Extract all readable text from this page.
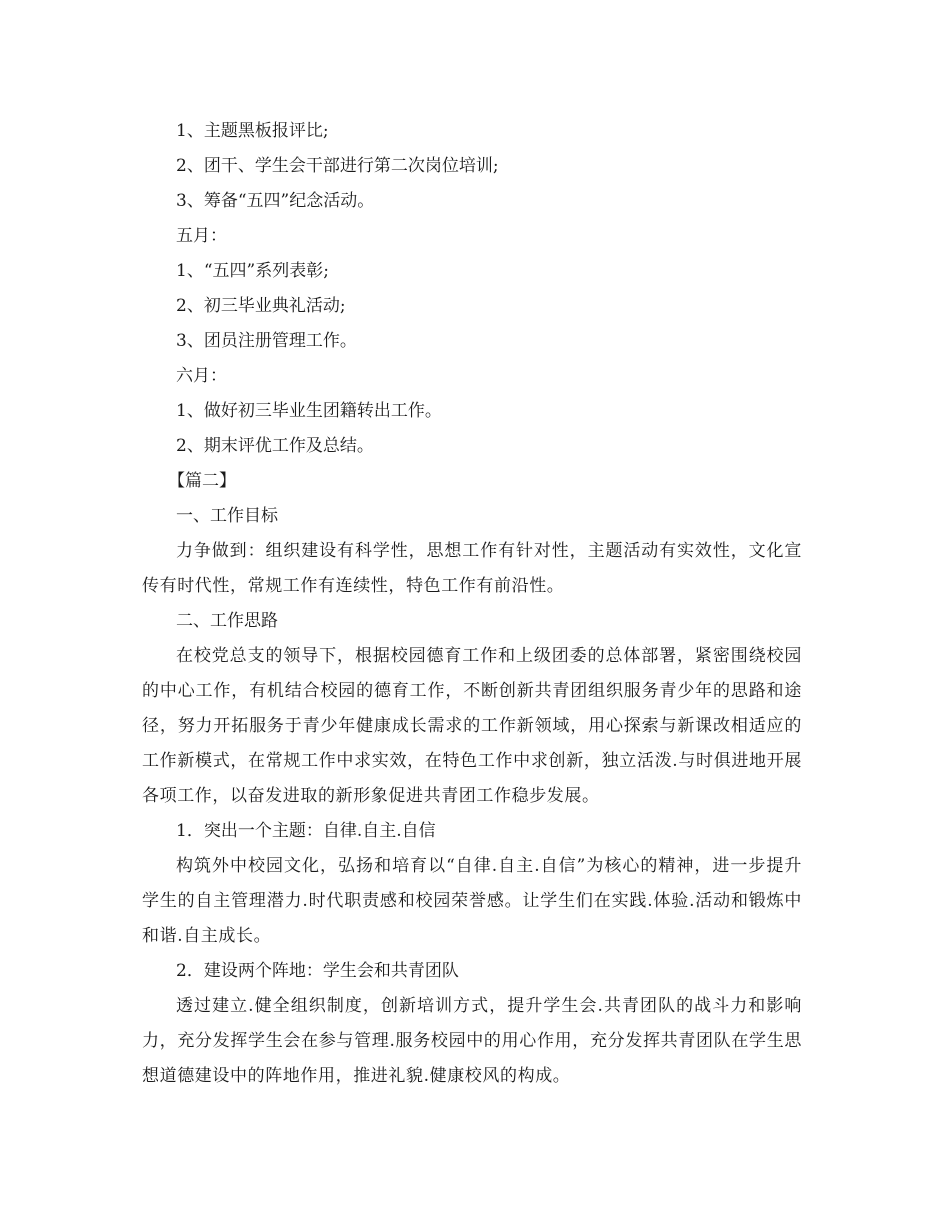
1、主题黑板报评比;

2、团干、学生会干部进行第二次岗位培训;

3、筹备“五四”纪念活动。

五月：

1、“五四”系列表彰;

2、初三毕业典礼活动;

3、团员注册管理工作。

六月：

1、做好初三毕业生团籍转出工作。

2、期末评优工作及总结。

【篇二】

一、工作目标

力争做到：组织建设有科学性，思想工作有针对性，主题活动有实效性，文化宣传有时代性，常规工作有连续性，特色工作有前沿性。

二、工作思路

在校党总支的领导下，根据校园德育工作和上级团委的总体部署，紧密围绕校园的中心工作，有机结合校园的德育工作，不断创新共青团组织服务青少年的思路和途径，努力开拓服务于青少年健康成长需求的工作新领域，用心探索与新课改相适应的工作新模式，在常规工作中求实效，在特色工作中求创新，独立活泼.与时俱进地开展各项工作，以奋发进取的新形象促进共青团工作稳步发展。

1．突出一个主题：自律.自主.自信

构筑外中校园文化，弘扬和培育以“自律.自主.自信”为核心的精神，进一步提升学生的自主管理潜力.时代职责感和校园荣誉感。让学生们在实践.体验.活动和锻炼中和谐.自主成长。

2．建设两个阵地：学生会和共青团队

透过建立.健全组织制度，创新培训方式，提升学生会.共青团队的战斗力和影响力，充分发挥学生会在参与管理.服务校园中的用心作用，充分发挥共青团队在学生思想道德建设中的阵地作用，推进礼貌.健康校风的构成。
